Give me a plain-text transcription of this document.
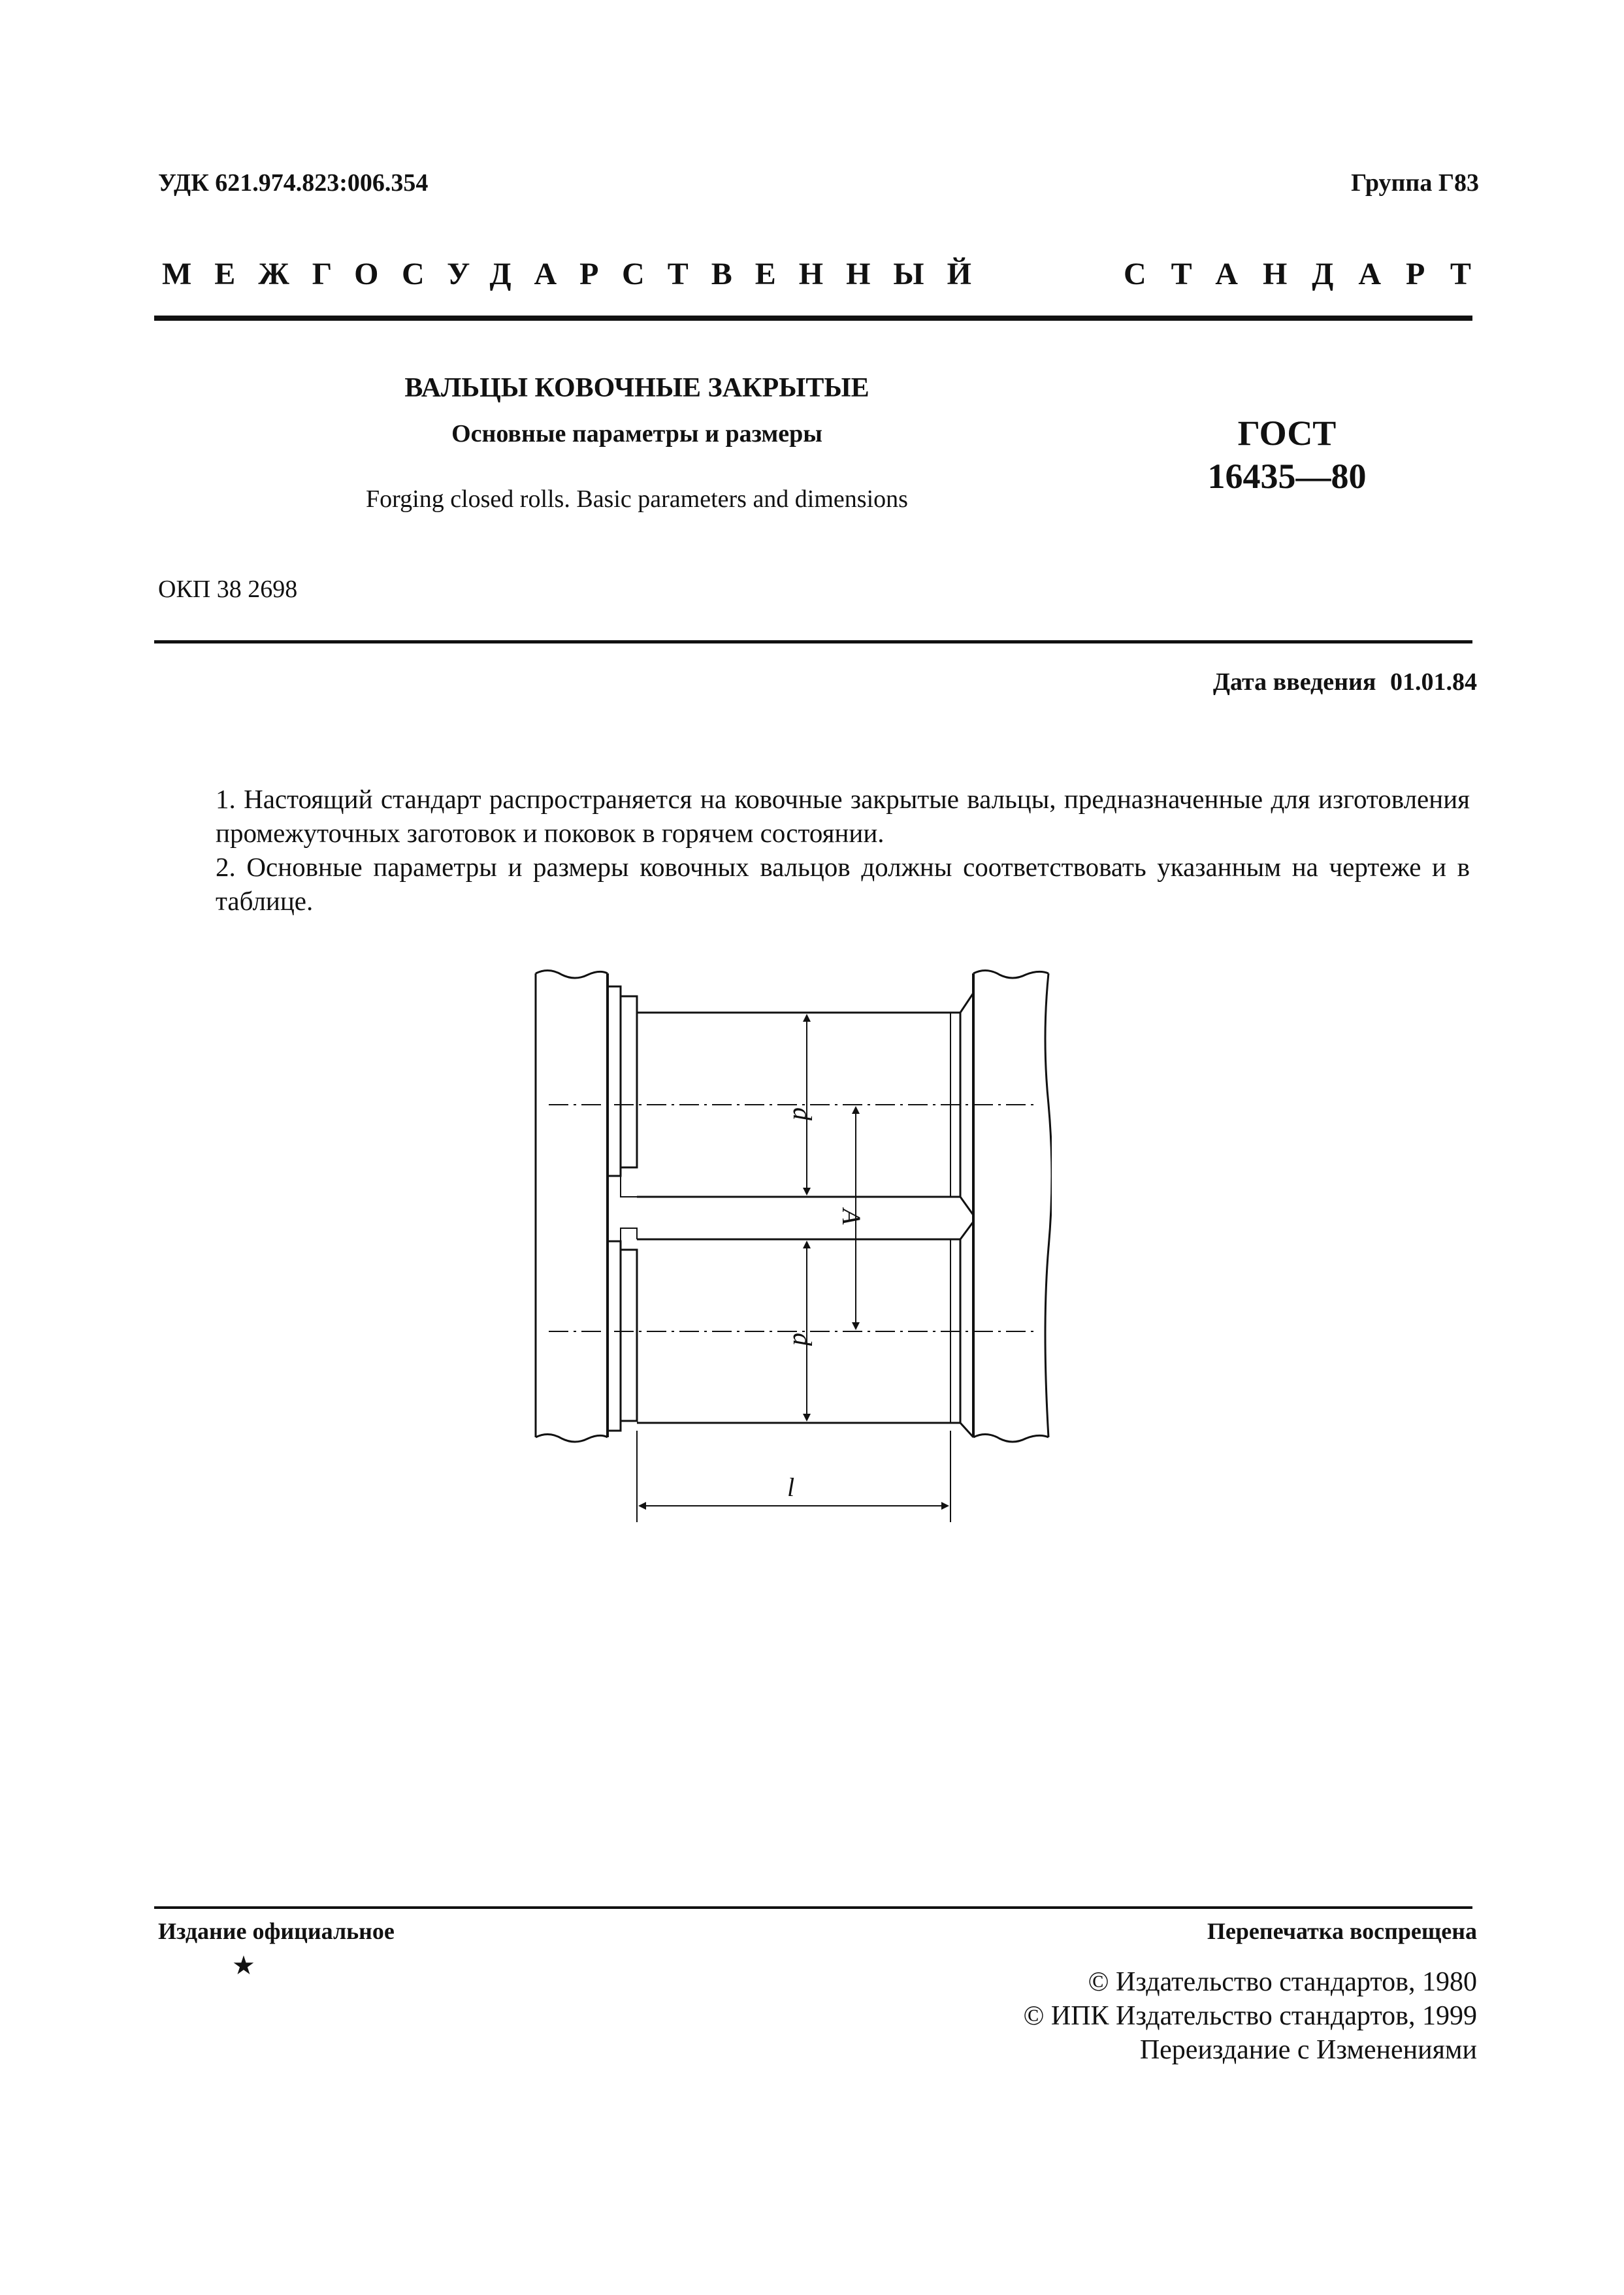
УДК 621.974.823:006.354	Группа Г83
МЕЖГОСУДАРСТВЕННЫЙ	СТАНДАРТ
ВАЛЬЦЫ КОВОЧНЫЕ ЗАКРЫТЫЕ
Основные параметры и размеры
Forging closed rolls. Basic parameters and dimensions
ГОСТ
16435—80
ОКП 38 2698
Дата введения 01.01.84
1. Настоящий стандарт распространяется на ковочные закрытые вальцы, предназначенные для изготовления промежуточных заготовок и поковок в горячем состоянии.
2. Основные параметры и размеры ковочных вальцов должны соответствовать указанным на чертеже и в таблице.
d
A
d
l
Издание официальное
★
Перепечатка воспрещена
© Издательство стандартов, 1980
© ИПК Издательство стандартов, 1999
Переиздание с Изменениями
